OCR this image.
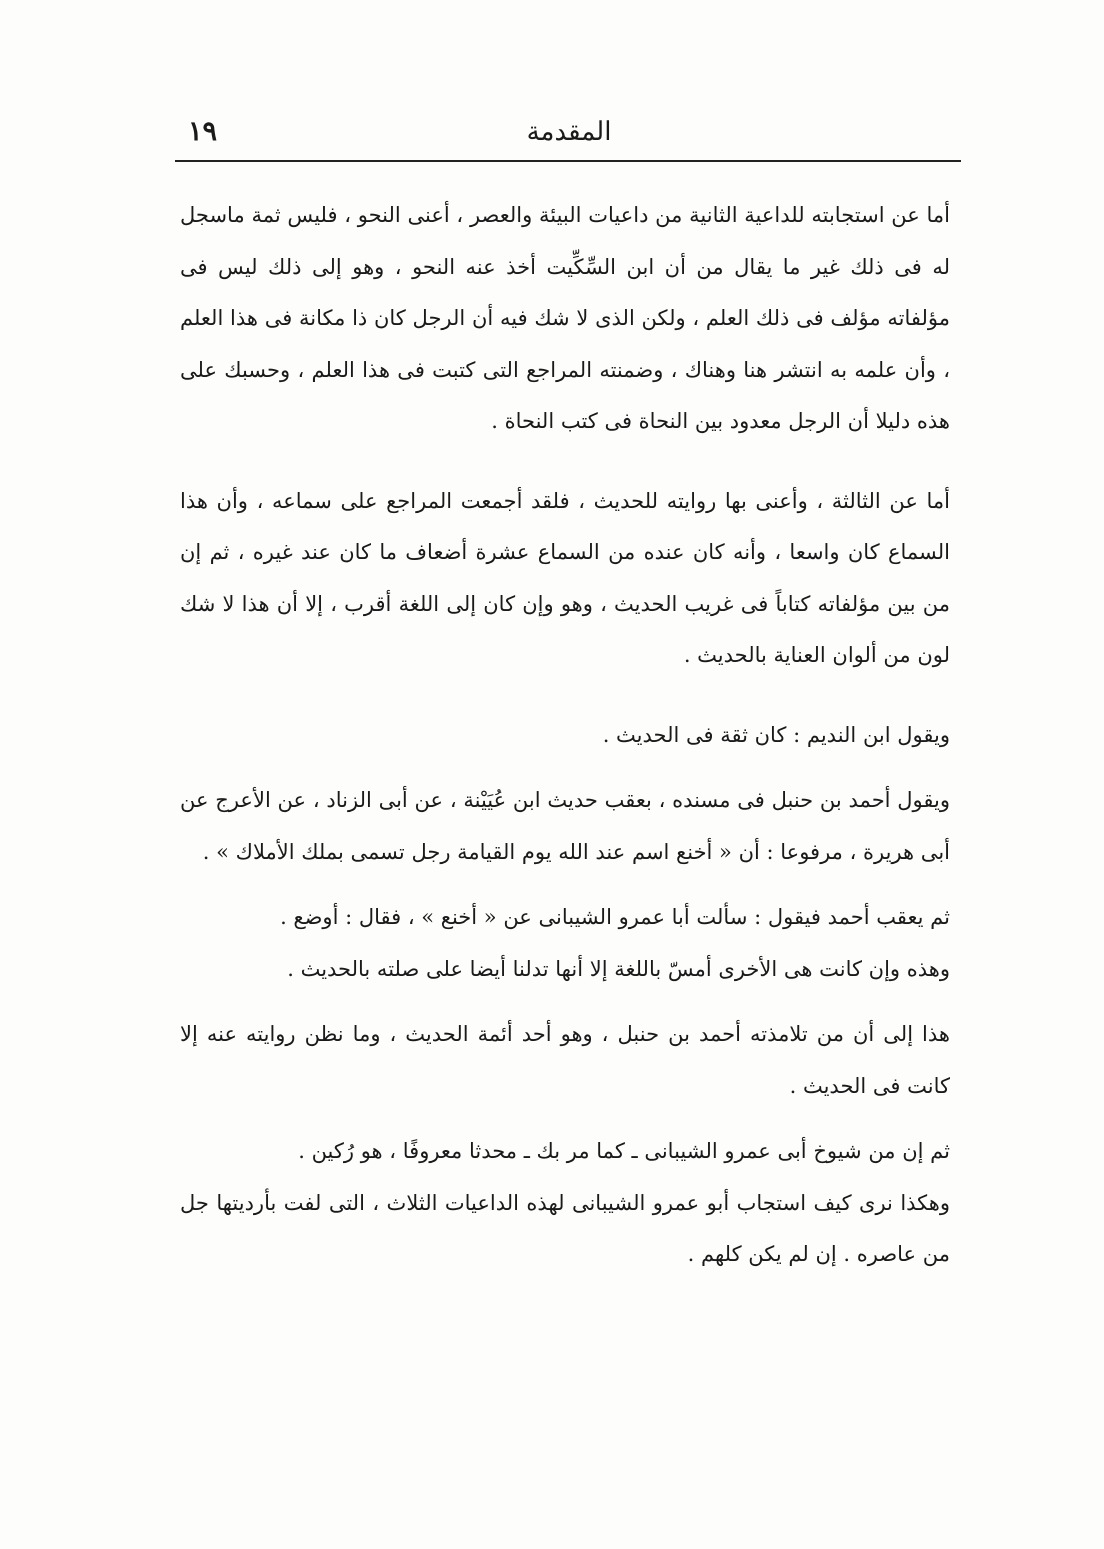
المقدمة
١٩

أما عن استجابته للداعية الثانية من داعيات البيئة والعصر ، أعنى النحو ، فليس ثمة ماسجل له فى ذلك غير ما يقال من أن ابن السِّكِّيت أخذ عنه النحو ، وهو إلى ذلك ليس فى مؤلفاته مؤلف فى ذلك العلم ، ولكن الذى لا شك فيه أن الرجل كان ذا مكانة فى هذا العلم ، وأن علمه به انتشر هنا وهناك ، وضمنته المراجع التى كتبت فى هذا العلم ، وحسبك على هذه دليلا أن الرجل معدود بين النحاة فى كتب النحاة .

أما عن الثالثة ، وأعنى بها روايته للحديث ، فلقد أجمعت المراجع على سماعه ، وأن هذا السماع كان واسعا ، وأنه كان عنده من السماع عشرة أضعاف ما كان عند غيره ، ثم إن من بين مؤلفاته كتاباً فى غريب الحديث ، وهو وإن كان إلى اللغة أقرب ، إلا أن هذا لا شك لون من ألوان العناية بالحديث .

ويقول ابن النديم : كان ثقة فى الحديث .

ويقول أحمد بن حنبل فى مسنده ، بعقب حديث ابن عُيَيْنة ، عن أبى الزناد ، عن الأعرج عن أبى هريرة ، مرفوعا : أن « أخنع اسم عند الله يوم القيامة رجل تسمى بملك الأملاك » .

ثم يعقب أحمد فيقول : سألت أبا عمرو الشيبانى عن « أخنع » ، فقال : أوضع .

وهذه وإن كانت هى الأخرى أمسّ باللغة إلا أنها تدلنا أيضا على صلته بالحديث .

هذا إلى أن من تلامذته أحمد بن حنبل ، وهو أحد أئمة الحديث ، وما نظن روايته عنه إلا كانت فى الحديث .

ثم إن من شيوخ أبى عمرو الشيبانى ـ كما مر بك ـ محدثا معروفًا ، هو رُكين .

وهكذا نرى كيف استجاب أبو عمرو الشيبانى لهذه الداعيات الثلاث ، التى لفت بأرديتها جل من عاصره . إن لم يكن كلهم .
